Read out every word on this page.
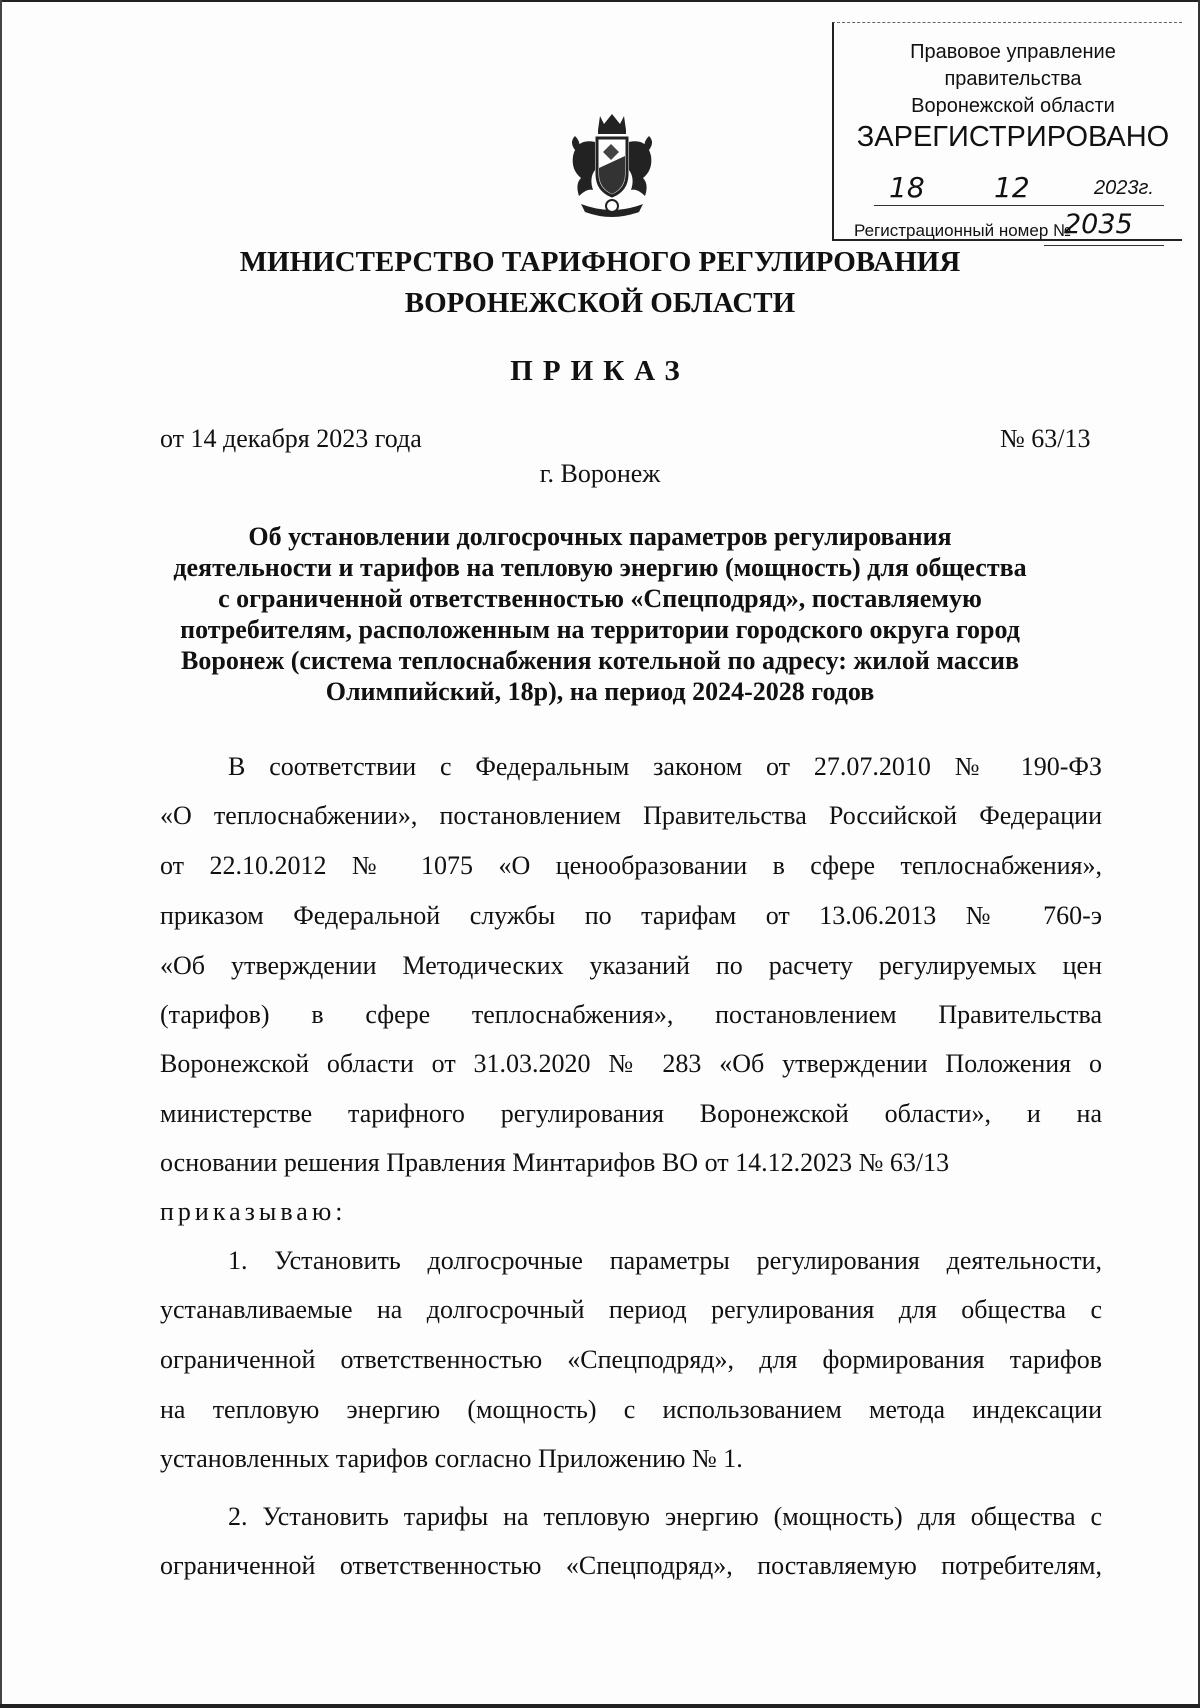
Правовое управление правительства
Воронежской области
ЗАРЕГИСТРИРОВАНО
18 12	2023г.
Регистрационный номер №
2035
МИНИСТЕРСТВО ТАРИФНОГО РЕГУЛИРОВАНИЯ
ВОРОНЕЖСКОЙ ОБЛАСТИ
ПРИКАЗ
от 14 декабря 2023 года	№ 63/13
г. Воронеж
Об установлении долгосрочных параметров регулирования
деятельности и тарифов на тепловую энергию (мощность) для общества
с ограниченной ответственностью «Спецподряд», поставляемую
потребителям, расположенным на территории городского округа город
Воронеж (система теплоснабжения котельной по адресу: жилой массив
Олимпийский, 18р), на период 2024-2028 годов
В соответствии с Федеральным законом от 27.07.2010 № 190-ФЗ
«О теплоснабжении», постановлением Правительства Российской Федерации
от 22.10.2012 № 1075 «О ценообразовании в сфере теплоснабжения»,
приказом Федеральной службы по тарифам от 13.06.2013 № 760-э
«Об утверждении Методических указаний по расчету регулируемых цен
(тарифов) в сфере теплоснабжения», постановлением Правительства
Воронежской области от 31.03.2020 № 283 «Об утверждении Положения о
министерстве тарифного регулирования Воронежской области», и на
основании решения Правления Минтарифов ВО от 14.12.2023 № 63/13
приказываю:
1. Установить долгосрочные параметры регулирования деятельности,
устанавливаемые на долгосрочный период регулирования для общества с
ограниченной ответственностью «Спецподряд», для формирования тарифов
на тепловую энергию (мощность) с использованием метода индексации
установленных тарифов согласно Приложению № 1.
2. Установить тарифы на тепловую энергию (мощность) для общества с
ограниченной ответственностью «Спецподряд», поставляемую потребителям,
